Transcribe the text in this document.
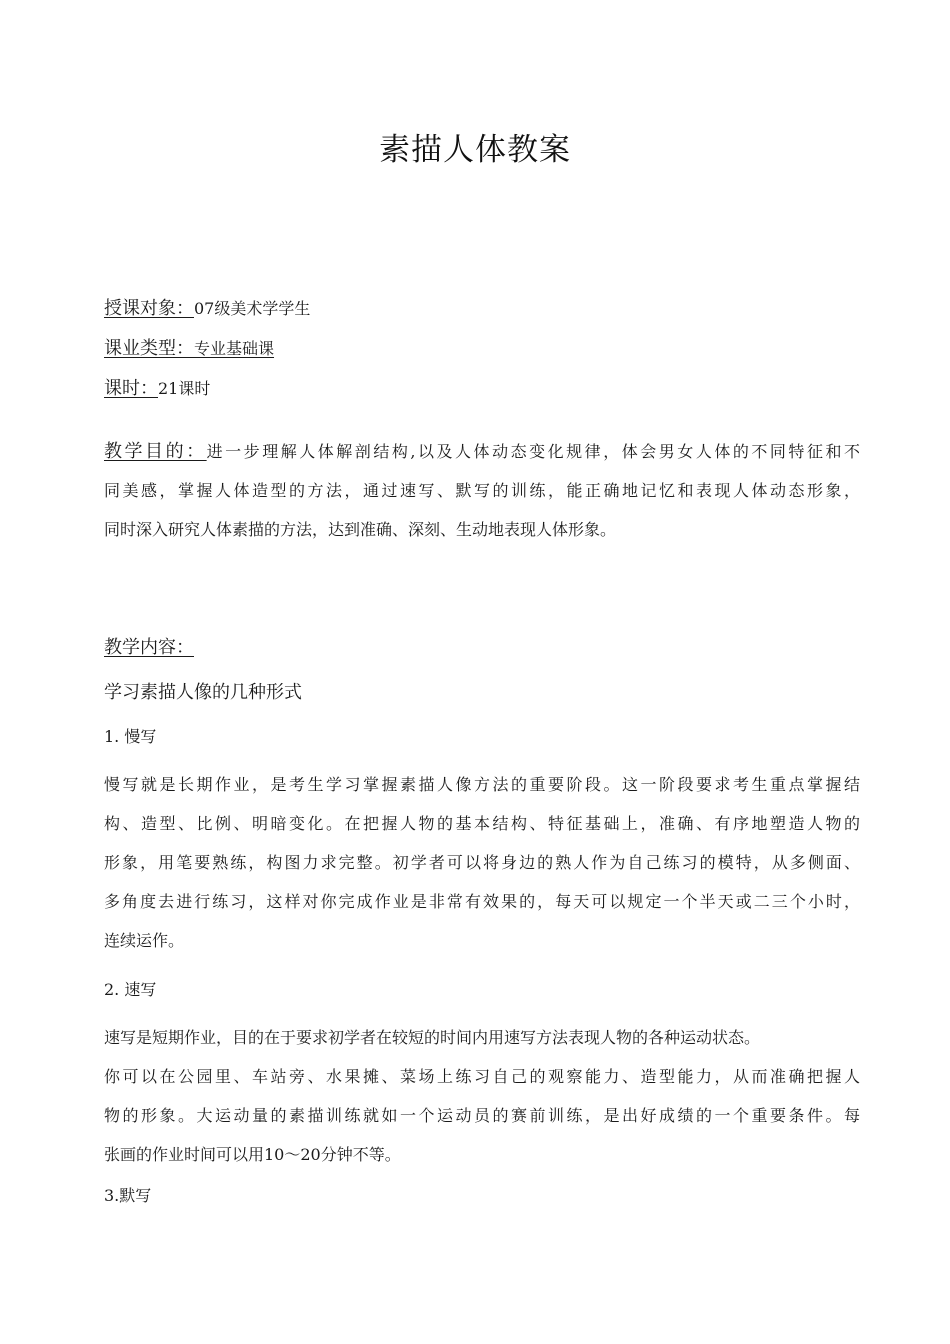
素描人体教案
授课对象：07级美术学学生
课业类型：专业基础课
课时：21课时
教学目的：进一步理解人体解剖结构,以及人体动态变化规律，体会男女人体的不同特征和不
同美感，掌握人体造型的方法，通过速写、默写的训练，能正确地记忆和表现人体动态形象，
同时深入研究人体素描的方法，达到准确、深刻、生动地表现人体形象。
教学内容：
学习素描人像的几种形式
1. 慢写
慢写就是长期作业，是考生学习掌握素描人像方法的重要阶段。这一阶段要求考生重点掌握结
构、造型、比例、明暗变化。在把握人物的基本结构、特征基础上，准确、有序地塑造人物的
形象，用笔要熟练，构图力求完整。初学者可以将身边的熟人作为自己练习的模特，从多侧面、
多角度去进行练习，这样对你完成作业是非常有效果的，每天可以规定一个半天或二三个小时，
连续运作。
2. 速写
速写是短期作业，目的在于要求初学者在较短的时间内用速写方法表现人物的各种运动状态。
你可以在公园里、车站旁、水果摊、菜场上练习自己的观察能力、造型能力，从而准确把握人
物的形象。大运动量的素描训练就如一个运动员的赛前训练，是出好成绩的一个重要条件。每
张画的作业时间可以用10〜20分钟不等。
3.默写
